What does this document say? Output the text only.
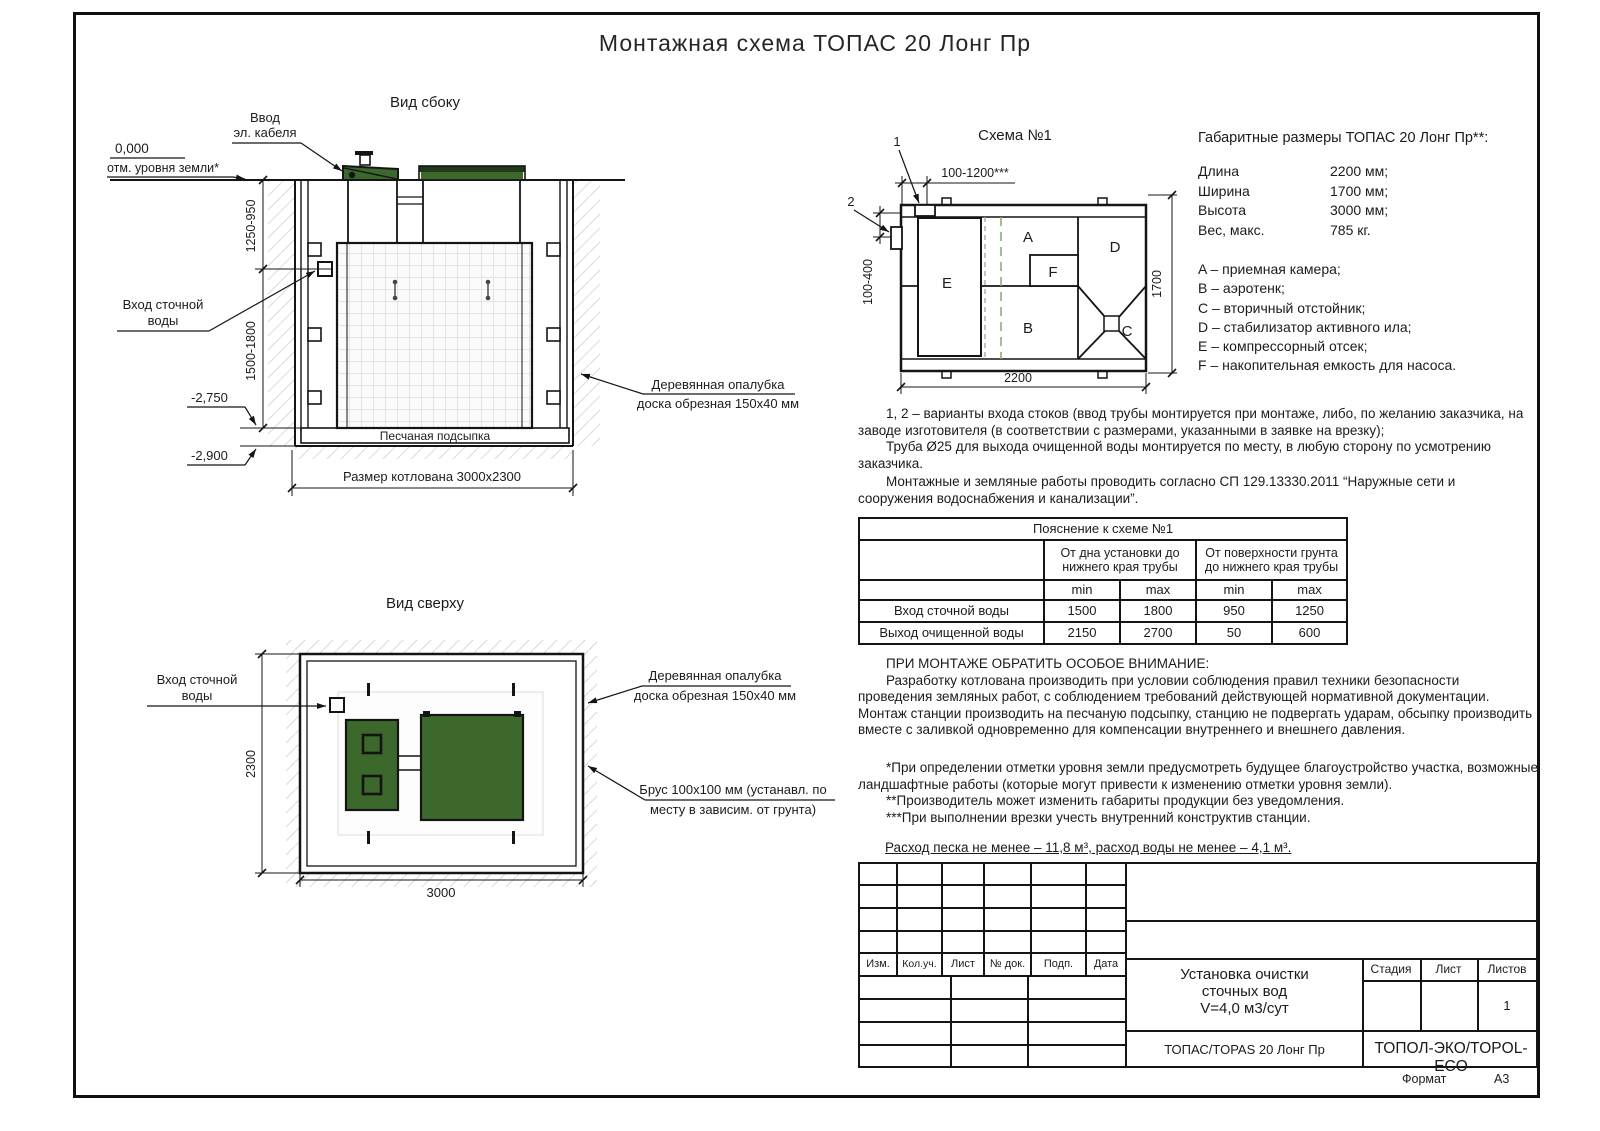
Монтажная схема ТОПАС 20 Лонг Пр
Вид сбоку
Песчаная подсыпка
1250-950
1500-1800
0,000
отм. уровня земли*
Ввод
эл. кабеля
Вход сточной
воды
-2,750
-2,900
Размер котлована 3000х2300
Деревянная опалубка
доска обрезная 150х40 мм
Вид сверху
Вход сточной
воды
2300
3000
Деревянная опалубка
доска обрезная 150х40 мм
Брус 100х100 мм (устанавл. по
месту в зависим. от грунта)
Схема №1
A
B	C
D
E
F
1
2
100-1200***
100-400	1700
2200
Габаритные размеры ТОПАС 20 Лонг Пр**:
Длина	2200 мм;
Ширина	1700 мм;
Высота	3000 мм;
Вес, макс.	785 кг.
A – приемная камера;
B – аэротенк;
C – вторичный отстойник;
D – стабилизатор активного ила;
E – компрессорный отсек;
F – накопительная емкость для насоса.

1, 2 – варианты входа стоков (ввод трубы монтируется при монтаже, либо, по желанию заказчика, на заводе изготовителя (в соответствии с размерами, указанными в заявке на врезку);

Труба Ø25 для выхода очищенной воды монтируется по месту, в любую сторону по усмотрению заказчика.

Монтажные и земляные работы проводить согласно СП 129.13330.2011 “Наружные сети и сооружения водоснабжения и канализации”.

Пояснение к схеме №1				
	От дна установки до нижнего края трубы		От поверхности грунта до нижнего края трубы	
	min	max	min	max
Вход сточной воды	1500	1800	950	1250
Выход очищенной воды	2150	2700	50	600

ПРИ МОНТАЖЕ ОБРАТИТЬ ОСОБОЕ ВНИМАНИЕ:

Разработку котлована производить при условии соблюдения правил техники безопасности проведения земляных работ, с соблюдением требований действующей нормативной документации. Монтаж станции производить на песчаную подсыпку, станцию не подвергать ударам, обсыпку производить вместе с заливкой одновременно для компенсации внутреннего и внешнего давления.

*При определении отметки уровня земли предусмотреть будущее благоустройство участка, возможные ландшафтные работы (которые могут привести к изменению отметки уровня земли).

**Производитель может изменить габариты продукции без уведомления.

***При выполнении врезки учесть внутренний конструктив станции.

Расход песка не менее – 11,8 м³, расход воды не менее – 4,1 м³.
Изм.	Кол.уч.	Лист	№ док.	Подп.	Дата
Установка очистки
сточных вод
V=4,0 м3/сут
Стадия	Лист	Листов
1
ТОПАС/TOPAS 20 Лонг Пр	ТОПОЛ-ЭКО/TOPOL-ECO
Формат	А3
